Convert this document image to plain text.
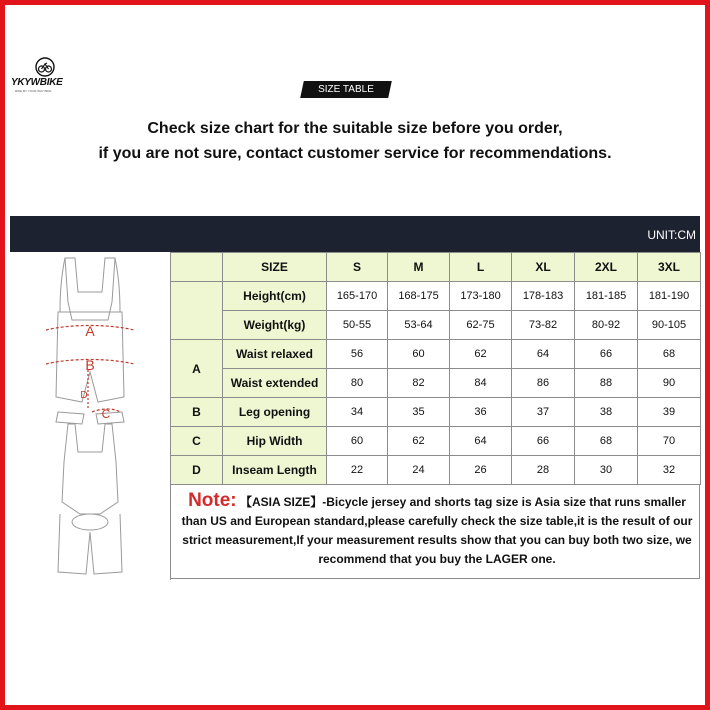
YKYWBIKE
RIDE BY YOUR WAY BIKE	SIZE TABLE
Check size chart for the suitable size before you order,
if you are not sure, contact customer service for recommendations.
UNIT:CM
A
B
D
C
	SIZE	S	M	L	XL	2XL	3XL
	Height(cm)	165-170	168-175	173-180	178-183	181-185	181-190
	Weight(kg)	50-55	53-64	62-75	73-82	80-92	90-105
A	Waist relaxed	56	60	62	64	66	68
	Waist extended	80	82	84	86	88	90
B	Leg opening	34	35	36	37	38	39
C	Hip Width	60	62	64	66	68	70
D	Inseam Length	22	24	26	28	30	32
Note: 【ASIA SIZE】-Bicycle jersey and shorts tag size is Asia size that runs smaller than US and European standard,please carefully check the size table,it is the result of our strict measurement,If your measurement results show that you can buy both two size, we recommend that you buy the LAGER one.
